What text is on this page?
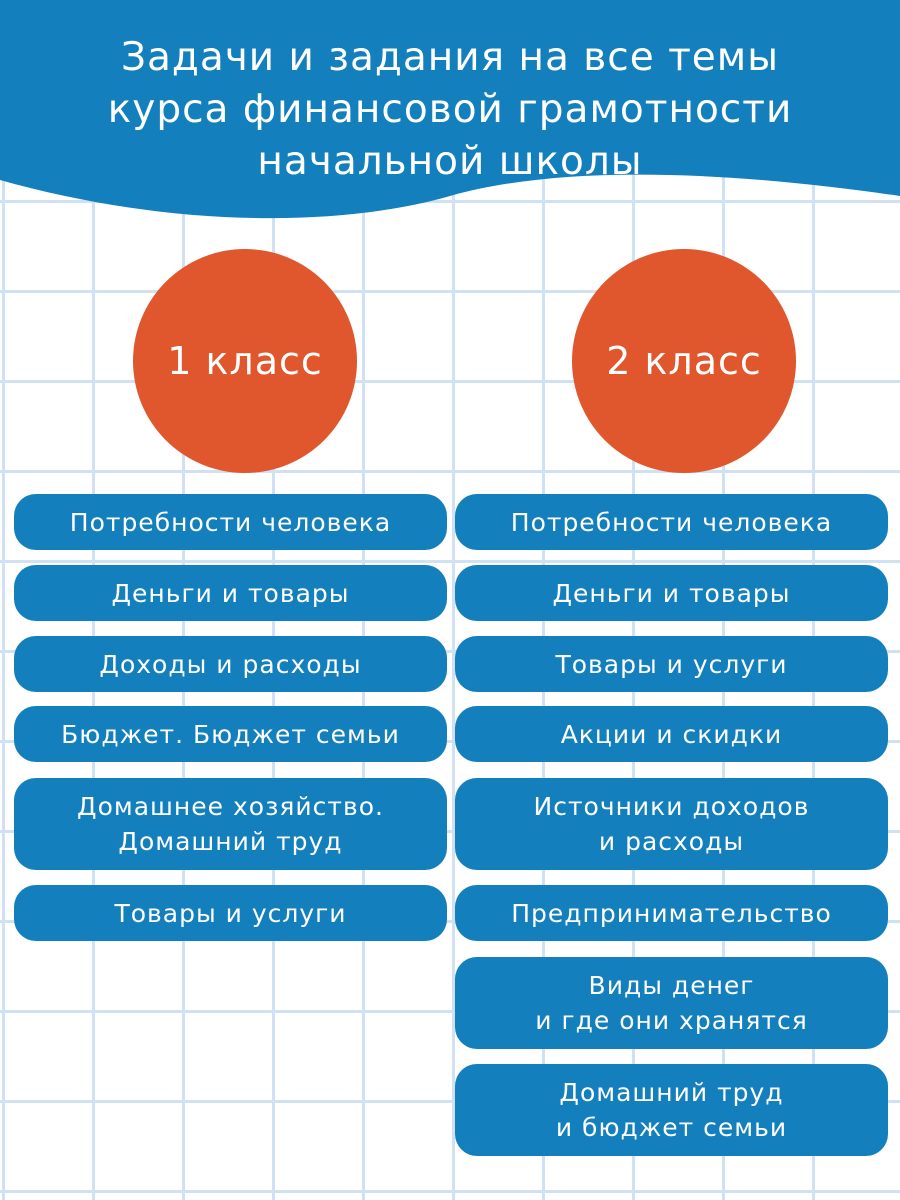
Задачи и задания на все темы
курса финансовой грамотности
начальной школы
1 класс
Потребности человека
Деньги и товары
Доходы и расходы
Бюджет. Бюджет семьи
Домашнее хозяйство.
Домашний труд
Товары и услуги
2 класс
Потребности человека
Деньги и товары
Товары и услуги
Акции и скидки
Источники доходов
и расходы
Предпринимательство
Виды денег
и где они хранятся
Домашний труд
и бюджет семьи
